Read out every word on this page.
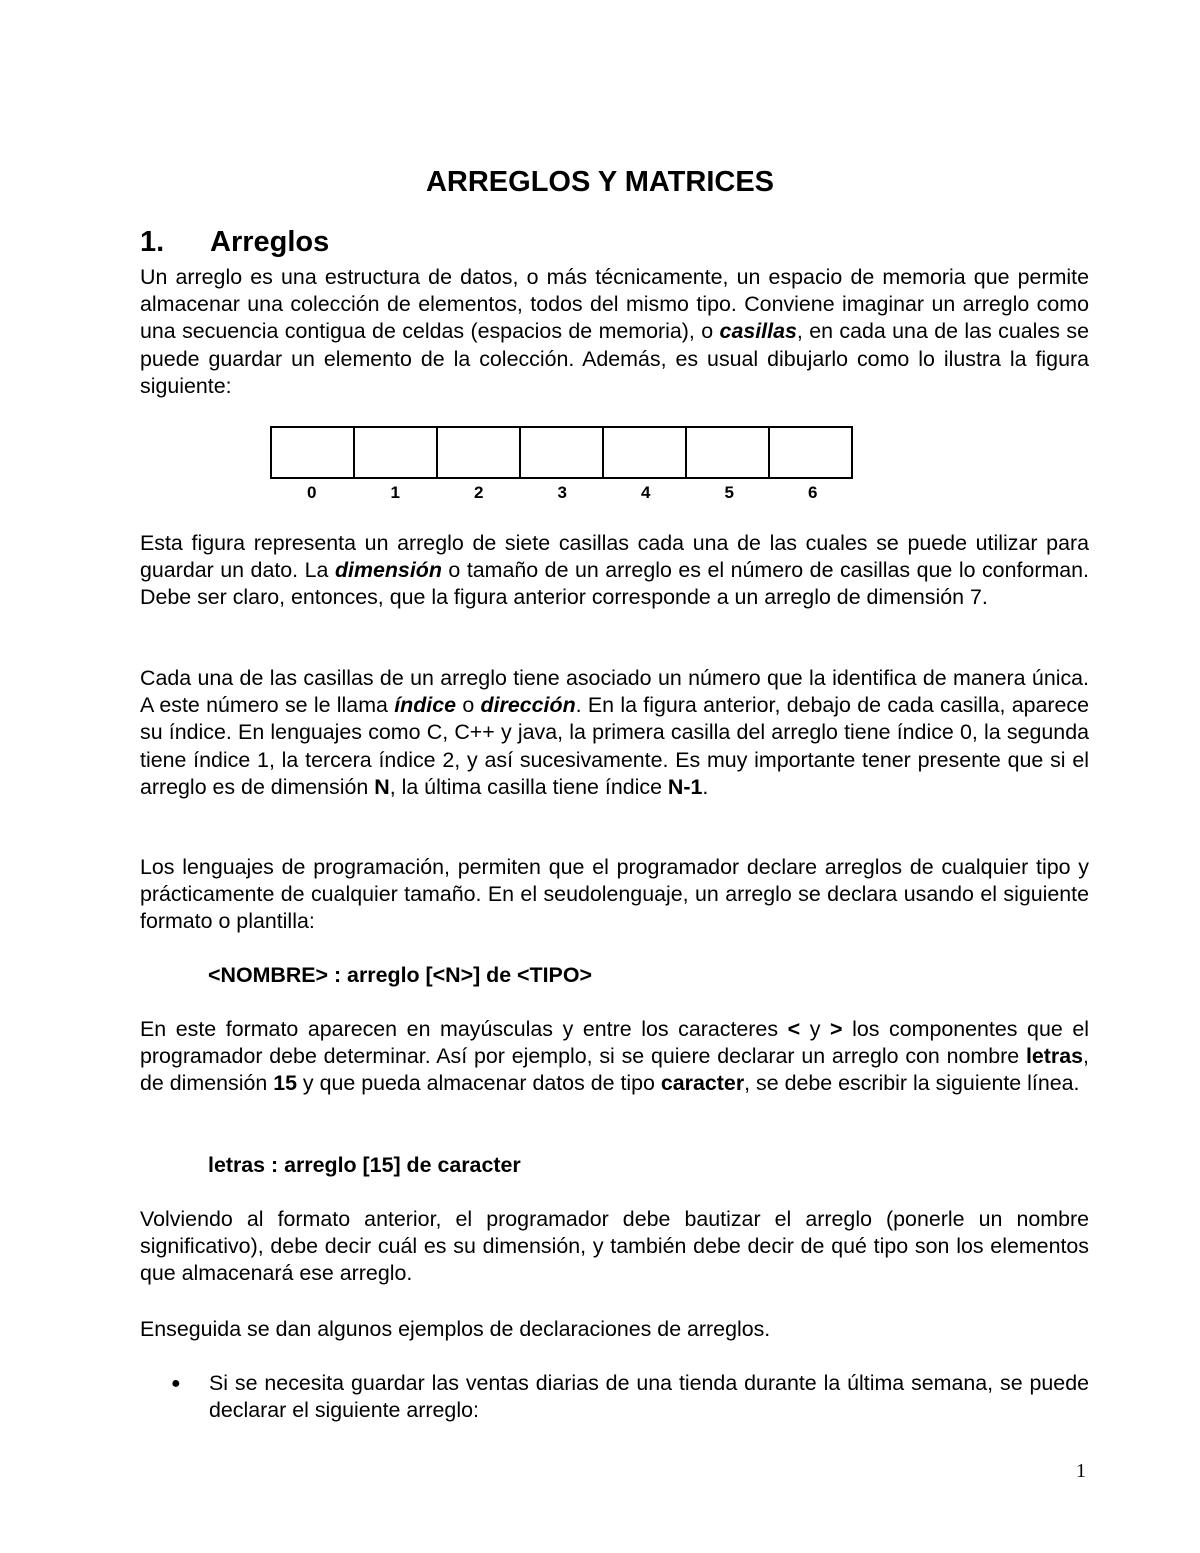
ARREGLOS Y MATRICES
1. Arreglos

Un arreglo es una estructura de datos, o más técnicamente, un espacio de memoria que permite almacenar una colección de elementos, todos del mismo tipo. Conviene imaginar un arreglo como una secuencia contigua de celdas (espacios de memoria), o casillas, en cada una de las cuales se puede guardar un elemento de la colección. Además, es usual dibujarlo como lo ilustra la figura siguiente:

0	1	2	3	4	5	6

Esta figura representa un arreglo de siete casillas cada una de las cuales se puede utilizar para guardar un dato. La dimensión o tamaño de un arreglo es el número de casillas que lo conforman. Debe ser claro, entonces, que la figura anterior corresponde a un arreglo de dimensión 7.

Cada una de las casillas de un arreglo tiene asociado un número que la identifica de manera única. A este número se le llama índice o dirección. En la figura anterior, debajo de cada casilla, aparece su índice. En lenguajes como C, C++ y java, la primera casilla del arreglo tiene índice 0, la segunda tiene índice 1, la tercera índice 2, y así sucesivamente. Es muy importante tener presente que si el arreglo es de dimensión N, la última casilla tiene índice N-1.

Los lenguajes de programación, permiten que el programador declare arreglos de cualquier tipo y prácticamente de cualquier tamaño. En el seudolenguaje, un arreglo se declara usando el siguiente formato o plantilla:

<NOMBRE> : arreglo [<N>] de <TIPO>

En este formato aparecen en mayúsculas y entre los caracteres < y > los componentes que el programador debe determinar. Así por ejemplo, si se quiere declarar un arreglo con nombre letras, de dimensión 15 y que pueda almacenar datos de tipo caracter, se debe escribir la siguiente línea.

letras : arreglo [15] de caracter

Volviendo al formato anterior, el programador debe bautizar el arreglo (ponerle un nombre significativo), debe decir cuál es su dimensión, y también debe decir de qué tipo son los elementos que almacenará ese arreglo.

Enseguida se dan algunos ejemplos de declaraciones de arreglos.

● Si se necesita guardar las ventas diarias de una tienda durante la última semana, se puede declarar el siguiente arreglo:

1
